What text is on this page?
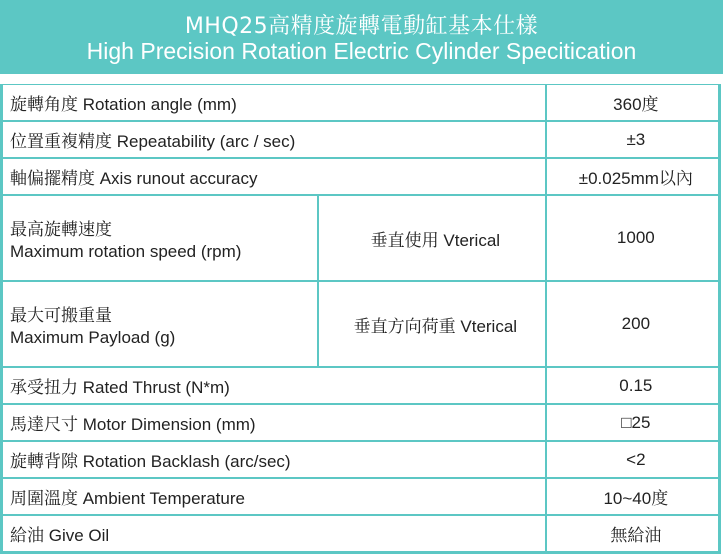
MHQ25高精度旋轉電動缸基本仕樣
High Precision Rotation Electric Cylinder Specitication
旋轉角度 Rotation angle (mm)		360度
位置重複精度 Repeatability (arc / sec)		±3
軸偏擺精度 Axis runout accuracy		±0.025mm以內

最高旋轉速度
Maximum rotation speed (rpm)	垂直使用 Vterical	1000

最大可搬重量
Maximum Payload (g)	垂直方向荷重 Vterical	200
承受扭力 Rated Thrust (N*m)		0.15
馬達尺寸 Motor Dimension (mm)		□25
旋轉背隙 Rotation Backlash (arc/sec)		<2
周圍溫度 Ambient Temperature		10~40度
給油 Give Oil		無給油
